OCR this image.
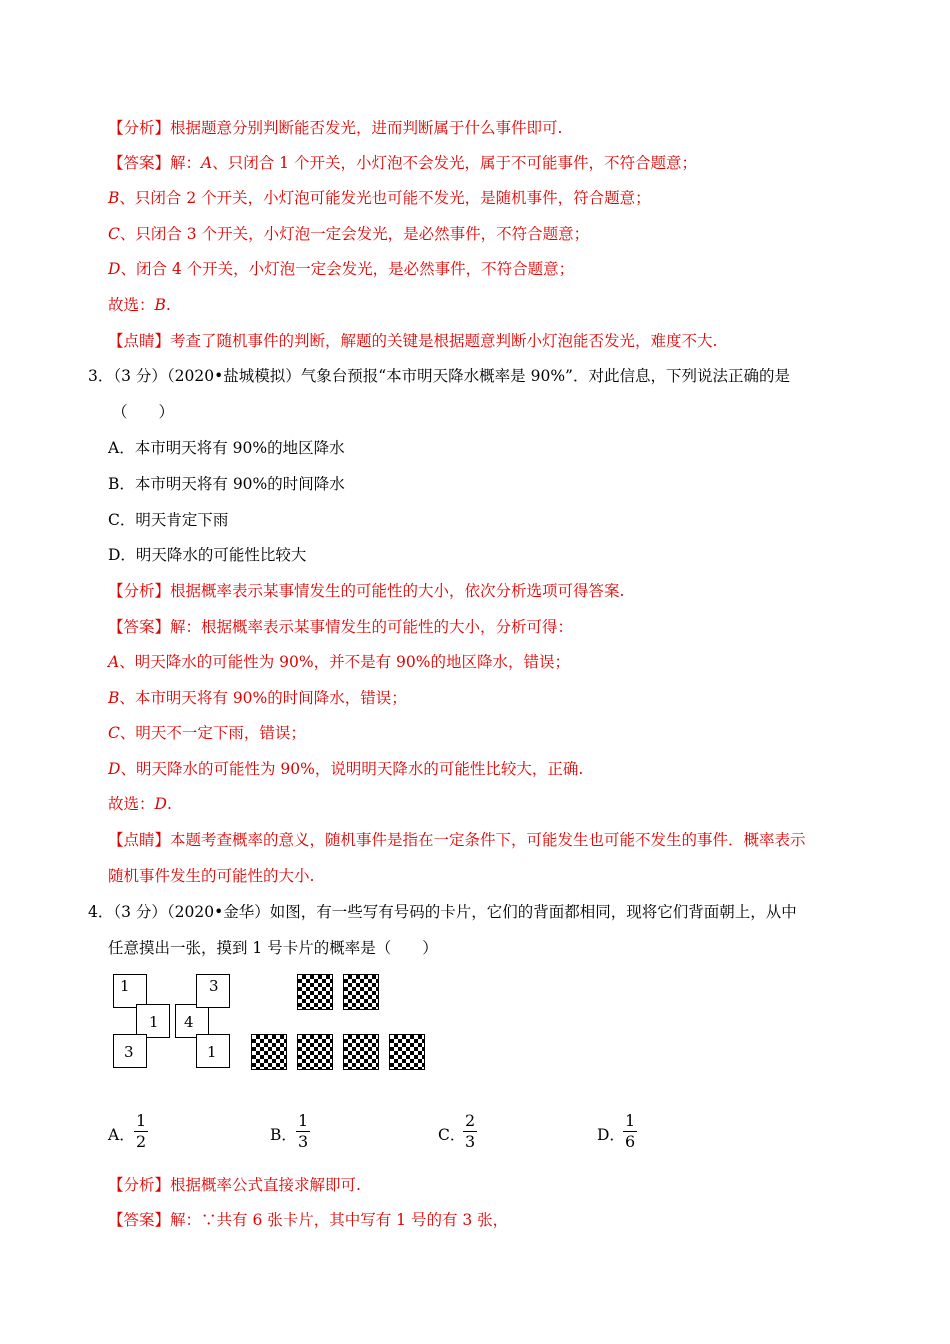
【分析】根据题意分别判断能否发光，进而判断属于什么事件即可.
【答案】解：A、只闭合 1 个开关，小灯泡不会发光，属于不可能事件，不符合题意；
B、只闭合 2 个开关，小灯泡可能发光也可能不发光，是随机事件，符合题意；
C、只闭合 3 个开关，小灯泡一定会发光，是必然事件，不符合题意；
D、闭合 4 个开关，小灯泡一定会发光，是必然事件，不符合题意；
故选：B.
【点睛】考查了随机事件的判断，解题的关键是根据题意判断小灯泡能否发光，难度不大.
3．（3 分）（2020•盐城模拟）气象台预报“本市明天降水概率是 90%”．对此信息，下列说法正确的是
（　　）
A．本市明天将有 90%的地区降水
B．本市明天将有 90%的时间降水
C．明天肯定下雨
D．明天降水的可能性比较大
【分析】根据概率表示某事情发生的可能性的大小，依次分析选项可得答案.
【答案】解：根据概率表示某事情发生的可能性的大小，分析可得：
A、明天降水的可能性为 90%，并不是有 90%的地区降水，错误；
B、本市明天将有 90%的时间降水，错误；
C、明天不一定下雨，错误；
D、明天降水的可能性为 90%，说明明天降水的可能性比较大，正确.
故选：D.
【点睛】本题考查概率的意义，随机事件是指在一定条件下，可能发生也可能不发生的事件．概率表示
随机事件发生的可能性的大小.
4．（3 分）（2020•金华）如图，有一些写有号码的卡片，它们的背面都相同，现将它们背面朝上，从中
任意摸出一张，摸到 1 号卡片的概率是（　　）
1
1
3
4
3
1
A．
1
2	B．
1
3	C．
2
3	D．
1
6
【分析】根据概率公式直接求解即可.
【答案】解：∵共有 6 张卡片，其中写有 1 号的有 3 张，
